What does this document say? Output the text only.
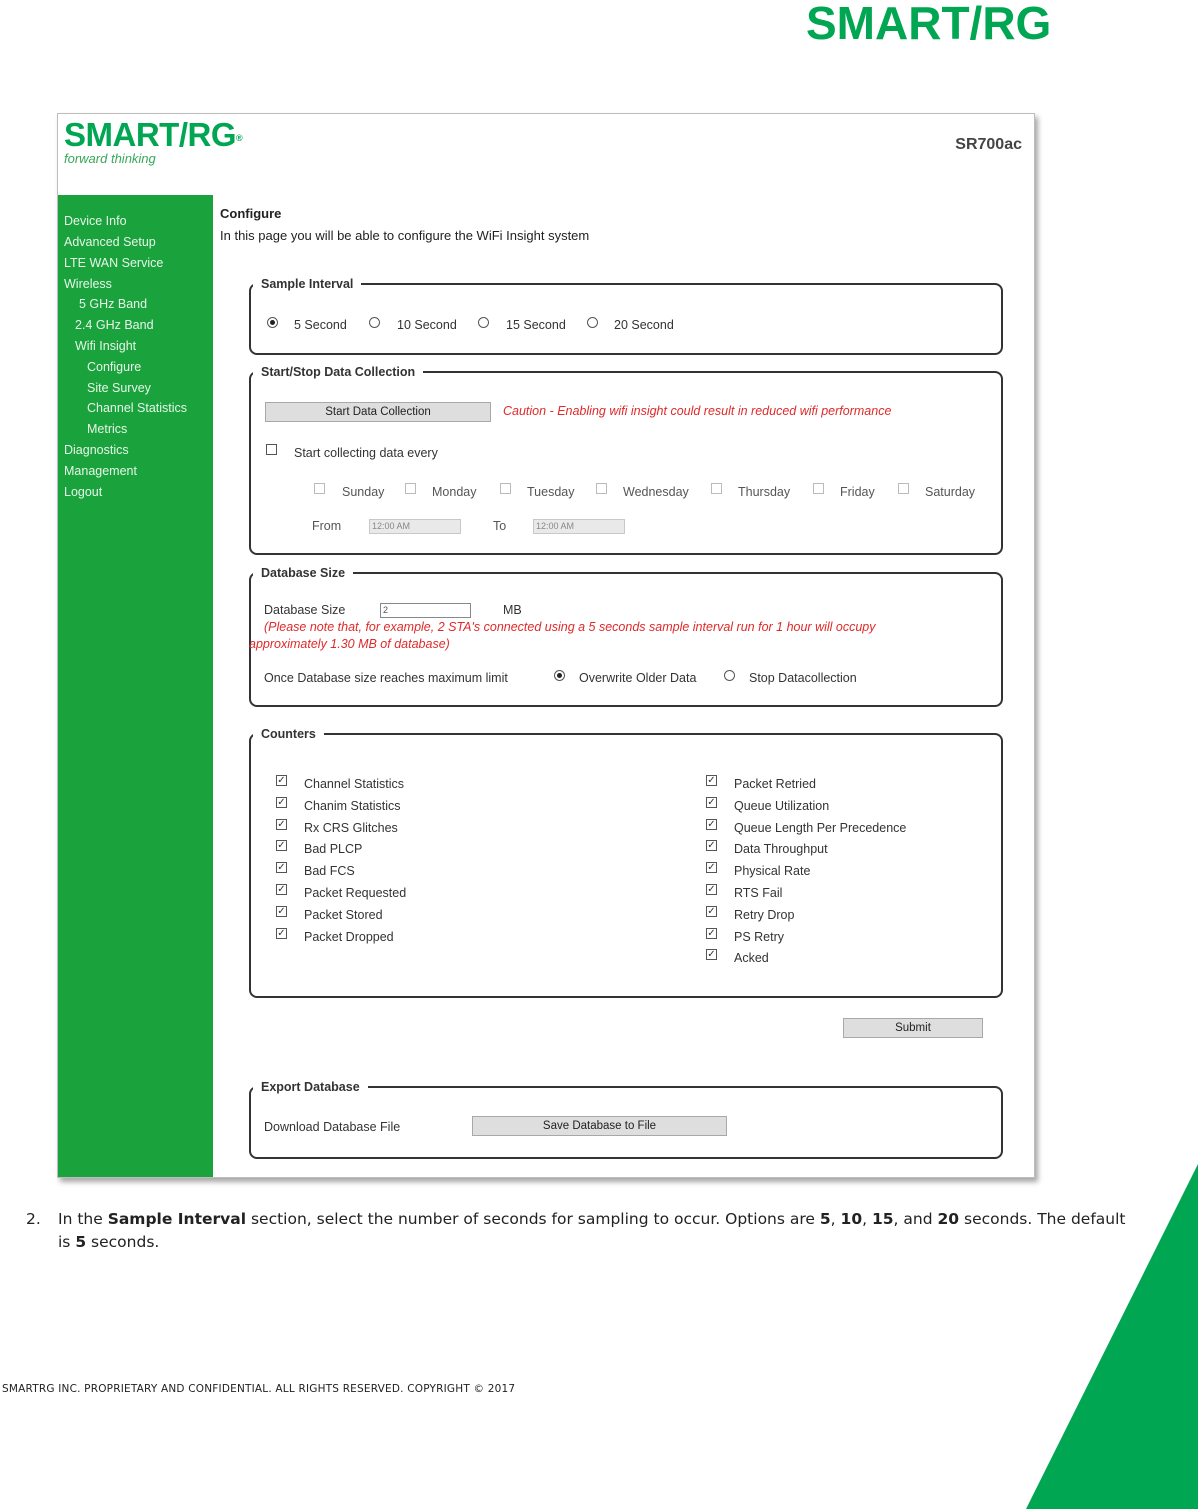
SMART/RG
SMART/RG®
forward thinking
SR700ac
Device Info
Advanced Setup
LTE WAN Service
Wireless
5 GHz Band
2.4 GHz Band
Wifi Insight
Configure
Site Survey
Channel Statistics
Metrics
Diagnostics
Management
Logout
Configure
In this page you will be able to configure the WiFi Insight system
Sample Interval
5 Second	10 Second	15 Second	20 Second
Start/Stop Data Collection
Start Data Collection	Caution - Enabling wifi insight could result in reduced wifi performance
Start collecting data every
Sunday	Monday	Tuesday	Wednesday	Thursday	Friday	Saturday
From	12:00 AM	To	12:00 AM
Database Size
Database Size	2	MB
(Please note that, for example, 2 STA's connected using a 5 seconds sample interval run for 1 hour will occupy
approximately 1.30 MB of database)
Once Database size reaches maximum limit	Overwrite Older Data	Stop Datacollection
Counters
✓ Channel Statistics
✓ Chanim Statistics
✓ Rx CRS Glitches
✓ Bad PLCP
✓ Bad FCS
✓ Packet Requested
✓ Packet Stored
✓ Packet Dropped
✓ Packet Retried
✓ Queue Utilization
✓ Queue Length Per Precedence
✓ Data Throughput
✓ Physical Rate
✓ RTS Fail
✓ Retry Drop
✓ PS Retry
✓ Acked
Submit
Export Database
Download Database File	Save Database to File
2. In the Sample Interval section, select the number of seconds for sampling to occur. Options are 5, 10, 15, and 20 seconds. The default is 5 seconds.
SMARTRG INC. PROPRIETARY AND CONFIDENTIAL. ALL RIGHTS RESERVED. COPYRIGHT © 2017
